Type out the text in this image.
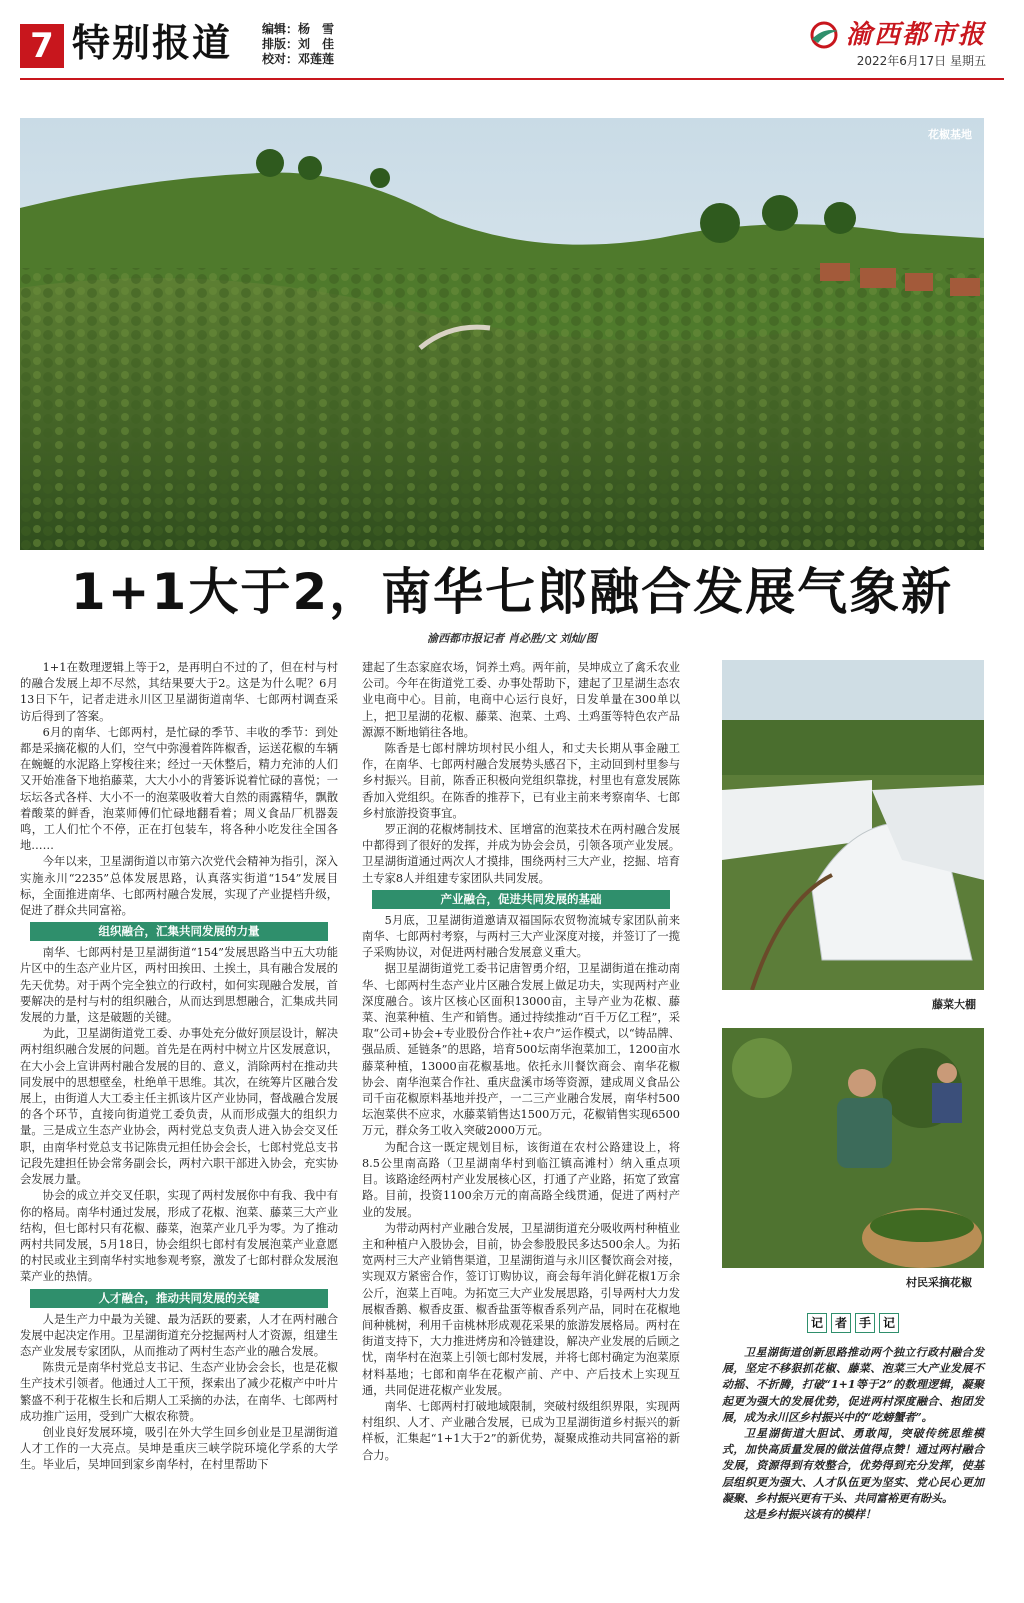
7 特别报道 编辑：杨　雪
排版：刘　佳
校对：邓莲莲
渝西都市报
2022年6月17日 星期五
花椒基地
1+1大于2，南华七郎融合发展气象新
渝西都市报记者 肖必胜/文 刘灿/图

1+1在数理逻辑上等于2，是再明白不过的了，但在村与村的融合发展上却不尽然，其结果要大于2。这是为什么呢？6月13日下午，记者走进永川区卫星湖街道南华、七郎两村调查采访后得到了答案。

6月的南华、七郎两村，是忙碌的季节、丰收的季节：到处都是采摘花椒的人们，空气中弥漫着阵阵椒香，运送花椒的车辆在蜿蜒的水泥路上穿梭往来；经过一天休整后，精力充沛的人们又开始准备下地掐藤菜，大大小小的背篓诉说着忙碌的喜悦；一坛坛各式各样、大小不一的泡菜吸收着大自然的雨露精华，飘散着酸菜的鲜香，泡菜师傅们忙碌地翻看着；周义食品厂机器轰鸣，工人们忙个不停，正在打包装车，将各种小吃发往全国各地……

今年以来，卫星湖街道以市第六次党代会精神为指引，深入实施永川“2235”总体发展思路，认真落实街道“154”发展目标，全面推进南华、七郎两村融合发展，实现了产业提档升级，促进了群众共同富裕。

组织融合，汇集共同发展的力量

南华、七郎两村是卫星湖街道“154”发展思路当中五大功能片区中的生态产业片区，两村田挨田、土挨土，具有融合发展的先天优势。对于两个完全独立的行政村，如何实现融合发展，首要解决的是村与村的组织融合，从而达到思想融合，汇集成共同发展的力量，这是破题的关键。

为此，卫星湖街道党工委、办事处充分做好顶层设计，解决两村组织融合发展的问题。首先是在两村中树立片区发展意识，在大小会上宣讲两村融合发展的目的、意义，消除两村在推动共同发展中的思想壁垒，杜绝单干思维。其次，在统筹片区融合发展上，由街道人大工委主任主抓该片区产业协同，督战融合发展的各个环节，直接向街道党工委负责，从而形成强大的组织力量。三是成立生态产业协会，两村党总支负责人进入协会交叉任职，由南华村党总支书记陈贵元担任协会会长，七郎村党总支书记段先建担任协会常务副会长，两村六职干部进入协会，充实协会发展力量。

协会的成立并交叉任职，实现了两村发展你中有我、我中有你的格局。南华村通过发展，形成了花椒、泡菜、藤菜三大产业结构，但七郎村只有花椒、藤菜，泡菜产业几乎为零。为了推动两村共同发展，5月18日，协会组织七郎村有发展泡菜产业意愿的村民或业主到南华村实地参观考察，激发了七郎村群众发展泡菜产业的热情。

人才融合，推动共同发展的关键

人是生产力中最为关键、最为活跃的要素，人才在两村融合发展中起决定作用。卫星湖街道充分挖掘两村人才资源，组建生态产业发展专家团队，从而推动了两村生态产业的融合发展。

陈贵元是南华村党总支书记、生态产业协会会长，也是花椒生产技术引领者。他通过人工干预，探索出了减少花椒产中叶片繁盛不利于花椒生长和后期人工采摘的办法，在南华、七郎两村成功推广运用，受到广大椒农称赞。

创业良好发展环境，吸引在外大学生回乡创业是卫星湖街道人才工作的一大亮点。吴坤是重庆三峡学院环境化学系的大学生。毕业后，吴坤回到家乡南华村，在村里帮助下

建起了生态家庭农场，饲养土鸡。两年前，吴坤成立了禽禾农业公司。今年在街道党工委、办事处帮助下，建起了卫星湖生态农业电商中心。目前，电商中心运行良好，日发单量在300单以上，把卫星湖的花椒、藤菜、泡菜、土鸡、土鸡蛋等特色农产品源源不断地销往各地。

陈香是七郎村牌坊坝村民小组人，和丈夫长期从事金融工作，在南华、七郎两村融合发展势头感召下，主动回到村里参与乡村振兴。目前，陈香正积极向党组织靠拢，村里也有意发展陈香加入党组织。在陈香的推荐下，已有业主前来考察南华、七郎乡村旅游投资事宜。

罗正润的花椒烤制技术、匡增富的泡菜技术在两村融合发展中都得到了很好的发挥，并成为协会会员，引领各项产业发展。卫星湖街道通过两次人才摸排，围绕两村三大产业，挖掘、培育土专家8人并组建专家团队共同发展。

产业融合，促进共同发展的基础

5月底，卫星湖街道邀请双福国际农贸物流城专家团队前来南华、七郎两村考察，与两村三大产业深度对接，并签订了一揽子采购协议，对促进两村融合发展意义重大。

据卫星湖街道党工委书记唐智勇介绍，卫星湖街道在推动南华、七郎两村生态产业片区融合发展上做足功夫，实现两村产业深度融合。该片区核心区面积13000亩，主导产业为花椒、藤菜、泡菜种植、生产和销售。通过持续推动“百千万亿工程”，采取“公司+协会+专业股份合作社+农户”运作模式，以“铸品牌、强品质、延链条”的思路，培育500坛南华泡菜加工，1200亩水藤菜种植，13000亩花椒基地。依托永川餐饮商会、南华花椒协会、南华泡菜合作社、重庆盘溪市场等资源，建成周义食品公司千亩花椒原料基地并投产，一二三产业融合发展，南华村500坛泡菜供不应求，水藤菜销售达1500万元，花椒销售实现6500万元，群众务工收入突破2000万元。

为配合这一既定规划目标，该街道在农村公路建设上，将8.5公里南高路（卫星湖南华村到临江镇高滩村）纳入重点项目。该路途经两村产业发展核心区，打通了产业路，拓宽了致富路。目前，投资1100余万元的南高路全线贯通，促进了两村产业的发展。

为带动两村产业融合发展，卫星湖街道充分吸收两村种植业主和种植户入股协会，目前，协会参股股民多达500余人。为拓宽两村三大产业销售渠道，卫星湖街道与永川区餐饮商会对接，实现双方紧密合作，签订订购协议，商会每年消化鲜花椒1万余公斤，泡菜上百吨。为拓宽三大产业发展思路，引导两村大力发展椒香鹅、椒香皮蛋、椒香盐蛋等椒香系列产品，同时在花椒地间种桃树，利用千亩桃林形成观花采果的旅游发展格局。两村在街道支持下，大力推进烤房和冷链建设，解决产业发展的后顾之忧，南华村在泡菜上引领七郎村发展，并将七郎村确定为泡菜原材料基地；七郎和南华在花椒产前、产中、产后技术上实现互通，共同促进花椒产业发展。

南华、七郎两村打破地域限制，突破村级组织界限，实现两村组织、人才、产业融合发展，已成为卫星湖街道乡村振兴的新样板，汇集起“1+1大于2”的新优势，凝聚成推动共同富裕的新合力。

藤菜大棚
村民采摘花椒
记 者 手 记

卫星湖街道创新思路推动两个独立行政村融合发展，坚定不移狠抓花椒、藤菜、泡菜三大产业发展不动摇、不折腾，打破“1+1等于2”的数理逻辑，凝聚起更为强大的发展优势，促进两村深度融合、抱团发展，成为永川区乡村振兴中的“吃螃蟹者”。

卫星湖街道大胆试、勇敢闯，突破传统思维模式，加快高质量发展的做法值得点赞！通过两村融合发展，资源得到有效整合，优势得到充分发挥，使基层组织更为强大、人才队伍更为坚实、党心民心更加凝聚、乡村振兴更有干头、共同富裕更有盼头。

这是乡村振兴该有的模样！
